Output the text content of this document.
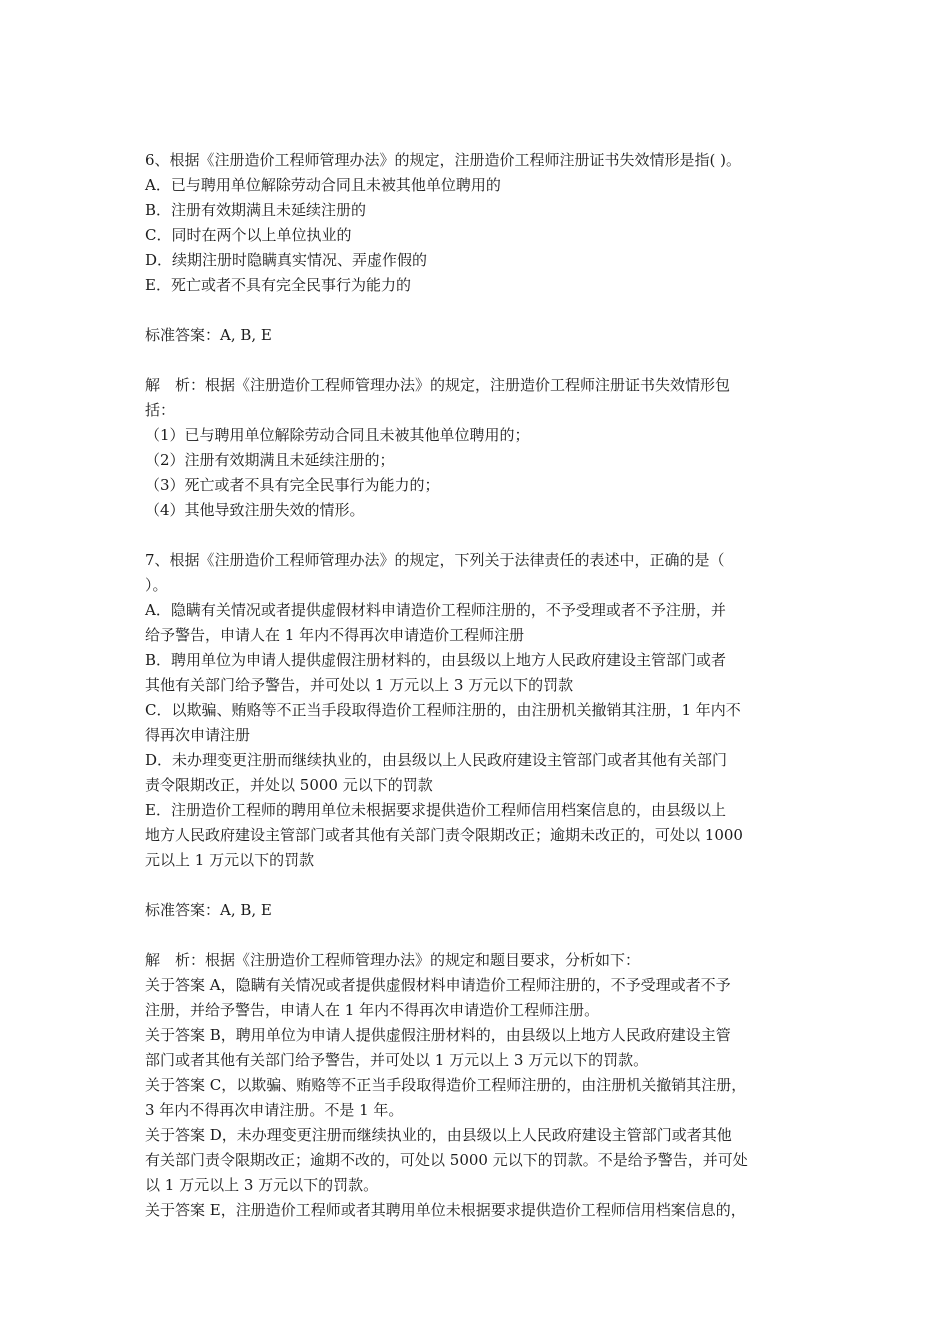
6、根据《注册造价工程师管理办法》的规定，注册造价工程师注册证书失效情形是指( )。
A．已与聘用单位解除劳动合同且未被其他单位聘用的
B．注册有效期满且未延续注册的
C．同时在两个以上单位执业的
D．续期注册时隐瞒真实情况、弄虚作假的
E．死亡或者不具有完全民事行为能力的
标准答案：A, B, E
解　析：根据《注册造价工程师管理办法》的规定，注册造价工程师注册证书失效情形包
括：
（1）已与聘用单位解除劳动合同且未被其他单位聘用的；
（2）注册有效期满且未延续注册的；
（3）死亡或者不具有完全民事行为能力的；
（4）其他导致注册失效的情形。
7、根据《注册造价工程师管理办法》的规定，下列关于法律责任的表述中，正确的是（
）。
A．隐瞒有关情况或者提供虚假材料申请造价工程师注册的，不予受理或者不予注册，并
给予警告，申请人在 1 年内不得再次申请造价工程师注册
B．聘用单位为申请人提供虚假注册材料的，由县级以上地方人民政府建设主管部门或者
其他有关部门给予警告，并可处以 1 万元以上 3 万元以下的罚款
C．以欺骗、贿赂等不正当手段取得造价工程师注册的，由注册机关撤销其注册，1 年内不
得再次申请注册
D．未办理变更注册而继续执业的，由县级以上人民政府建设主管部门或者其他有关部门
责令限期改正，并处以 5000 元以下的罚款
E．注册造价工程师的聘用单位未根据要求提供造价工程师信用档案信息的，由县级以上
地方人民政府建设主管部门或者其他有关部门责令限期改正；逾期未改正的，可处以 1000
元以上 1 万元以下的罚款
标准答案：A, B, E
解　析：根据《注册造价工程师管理办法》的规定和题目要求，分析如下：
关于答案 A，隐瞒有关情况或者提供虚假材料申请造价工程师注册的，不予受理或者不予
注册，并给予警告，申请人在 1 年内不得再次申请造价工程师注册。
关于答案 B，聘用单位为申请人提供虚假注册材料的，由县级以上地方人民政府建设主管
部门或者其他有关部门给予警告，并可处以 1 万元以上 3 万元以下的罚款。
关于答案 C，以欺骗、贿赂等不正当手段取得造价工程师注册的，由注册机关撤销其注册，
3 年内不得再次申请注册。不是 1 年。
关于答案 D，未办理变更注册而继续执业的，由县级以上人民政府建设主管部门或者其他
有关部门责令限期改正；逾期不改的，可处以 5000 元以下的罚款。不是给予警告，并可处
以 1 万元以上 3 万元以下的罚款。
关于答案 E，注册造价工程师或者其聘用单位未根据要求提供造价工程师信用档案信息的，
